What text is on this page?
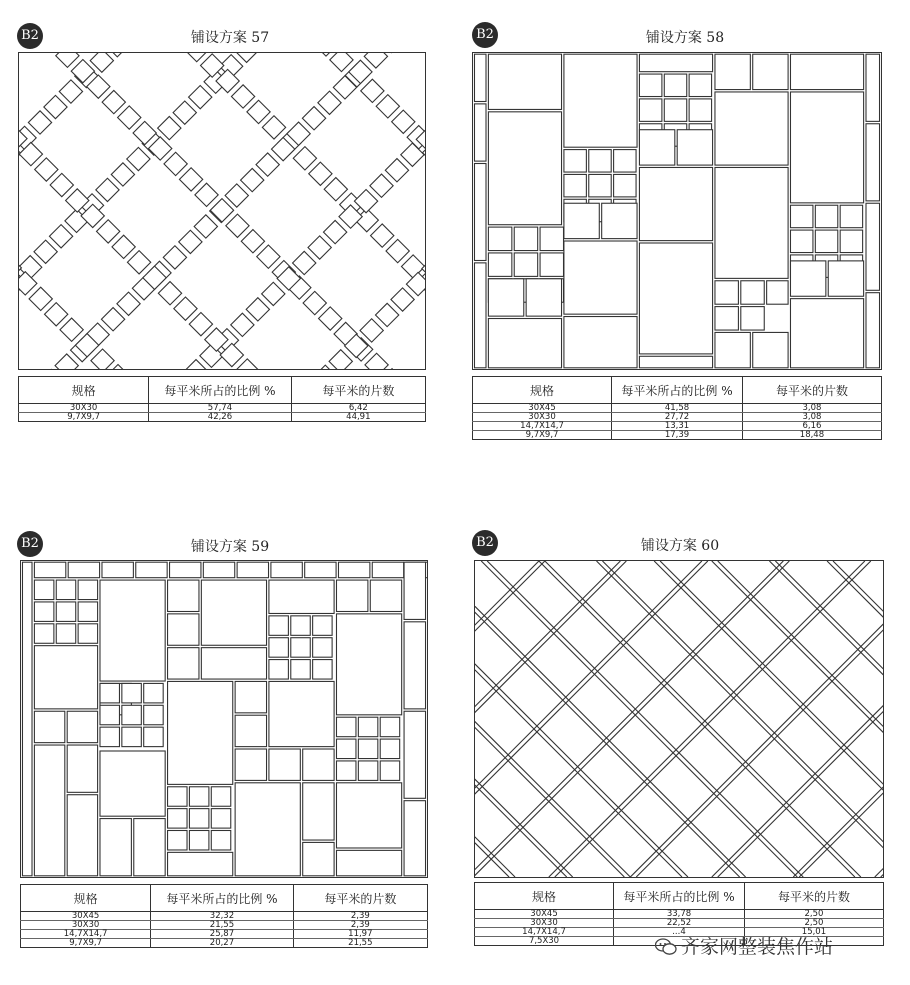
B2	铺设方案 57
规格	每平米所占的比例 %	每平米的片数
30X30	57,74	6,42
9,7X9,7	42,26	44,91
B2	铺设方案 58
规格	每平米所占的比例 %	每平米的片数
30X45	41,58	3,08
30X30	27,72	3,08
14,7X14,7	13,31	6,16
9,7X9,7	17,39	18,48
B2	铺设方案 59
规格	每平米所占的比例 %	每平米的片数
30X45	32,32	2,39
30X30	21,55	2,39
14,7X14,7	25,87	11,97
9,7X9,7	20,27	21,55
B2	铺设方案 60
规格	每平米所占的比例 %	每平米的片数
30X45	33,78	2,50
30X30	22,52	2,50
14,7X14,7	...4	15,01
7,5X30			齐家网整装焦作站
